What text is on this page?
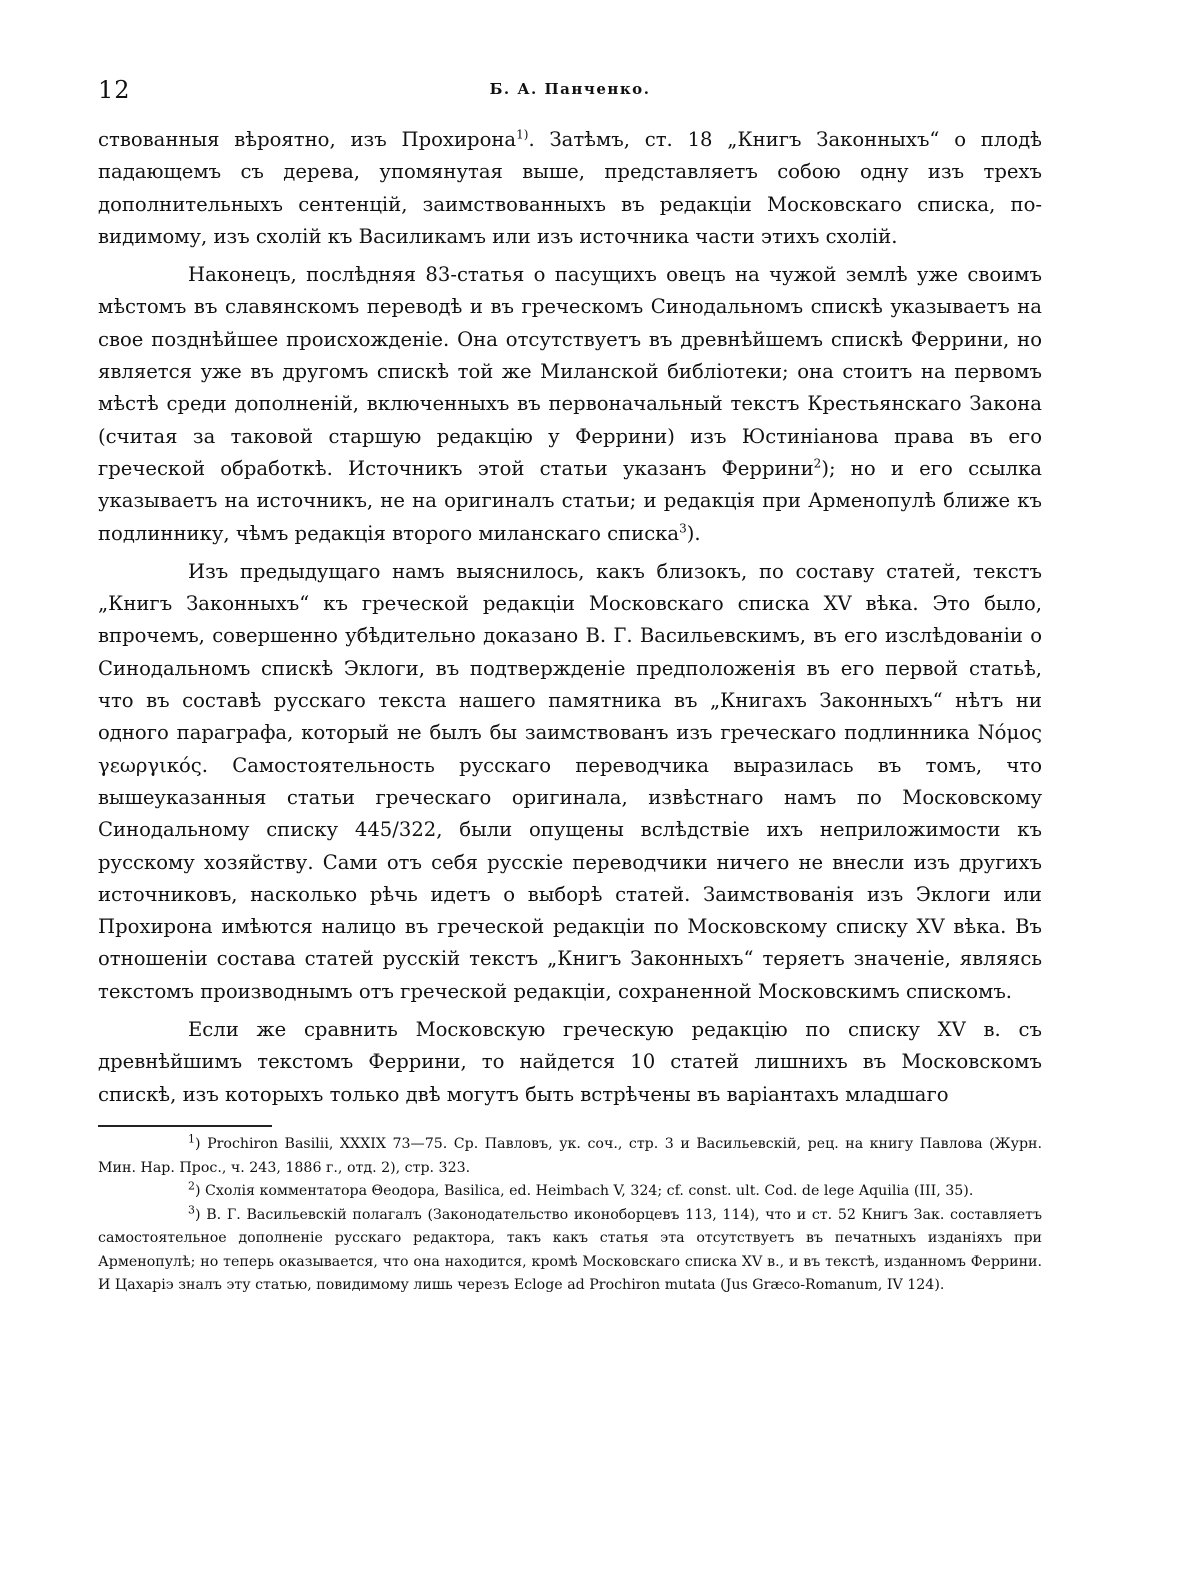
12	Б. А. Панченко.

ствованныя вѣроятно, изъ Прохирона$^{1)}$. Затѣмъ, ст. 18 „Книгъ Законныхъ“ о плодѣ падающемъ съ дерева, упомянутая выше, представляетъ собою одну изъ трехъ дополнительныхъ сентенцій, заимствованныхъ въ редакціи Московскаго списка, по-видимому, изъ схолій къ Василикамъ или изъ источника части этихъ схолій.

Наконецъ, послѣдняя 83-статья о пасущихъ овецъ на чужой землѣ уже своимъ мѣстомъ въ славянскомъ переводѣ и въ греческомъ Синодальномъ спискѣ указываетъ на свое позднѣйшее происхожденіе. Она отсутствуетъ въ древнѣйшемъ спискѣ Феррини, но является уже въ другомъ спискѣ той же Миланской библіотеки; она стоитъ на первомъ мѣстѣ среди дополненій, включенныхъ въ первоначальный текстъ Крестьянскаго Закона (считая за таковой старшую редакцію у Феррини) изъ Юстиніанова права въ его греческой обработкѣ. Источникъ этой статьи указанъ Феррини$^2$); но и его ссылка указываетъ на источникъ, не на оригиналъ статьи; и редакція при Арменопулѣ ближе къ подлиннику, чѣмъ редакція второго миланскаго списка$^3$).

Изъ предыдущаго намъ выяснилось, какъ близокъ, по составу статей, текстъ „Книгъ Законныхъ“ къ греческой редакціи Московскаго списка XV вѣка. Это было, впрочемъ, совершенно убѣдительно доказано В. Г. Васильевскимъ, въ его изслѣдованіи о Синодальномъ спискѣ Эклоги, въ подтвержденіе предположенія въ его первой статьѣ, что въ составѣ русскаго текста нашего памятника въ „Книгахъ Законныхъ“ нѣтъ ни одного параграфа, который не былъ бы заимствованъ изъ греческаго подлинника Νόμος γεωργικός. Самостоятельность русскаго переводчика выразилась въ томъ, что вышеуказанныя статьи греческаго оригинала, извѣстнаго намъ по Московскому Синодальному списку 445/322, были опущены вслѣдствіе ихъ неприложимости къ русскому хозяйству. Сами отъ себя русскіе переводчики ничего не внесли изъ другихъ источниковъ, насколько рѣчь идетъ о выборѣ статей. Заимствованія изъ Эклоги или Прохирона имѣются налицо въ греческой редакціи по Московскому списку XV вѣка. Въ отношеніи состава статей русскій текстъ „Книгъ Законныхъ“ теряетъ значеніе, являясь текстомъ производнымъ отъ греческой редакціи, сохраненной Московскимъ спискомъ.

Если же сравнить Московскую греческую редакцію по списку XV в. съ древнѣйшимъ текстомъ Феррини, то найдется 10 статей лишнихъ въ Московскомъ спискѣ, изъ которыхъ только двѣ могутъ быть встрѣчены въ варіантахъ младшаго

$^1$) Prochiron Basilii, XXXIX 73—75. Ср. Павловъ, ук. соч., стр. 3 и Васильевскій, рец. на книгу Павлова (Журн. Мин. Нар. Прос., ч. 243, 1886 г., отд. 2), стр. 323.

$^2$) Схолія комментатора Θеодора, Basilica, ed. Heimbach V, 324; cf. const. ult. Cod. de lege Aquilia (III, 35).

$^3$) В. Г. Васильевскій полагалъ (Законодательство иконоборцевъ 113, 114), что и ст. 52 Книгъ Зак. составляетъ самостоятельное дополненіе русскаго редактора, такъ какъ статья эта отсутствуетъ въ печатныхъ изданіяхъ при Арменопулѣ; но теперь оказывается, что она находится, кромѣ Московскаго списка XV в., и въ текстѣ, изданномъ Феррини. И Цахаріэ зналъ эту статью, повидимому лишь черезъ Ecloge ad Prochiron mutata (Jus Græco-Romanum, IV 124).
